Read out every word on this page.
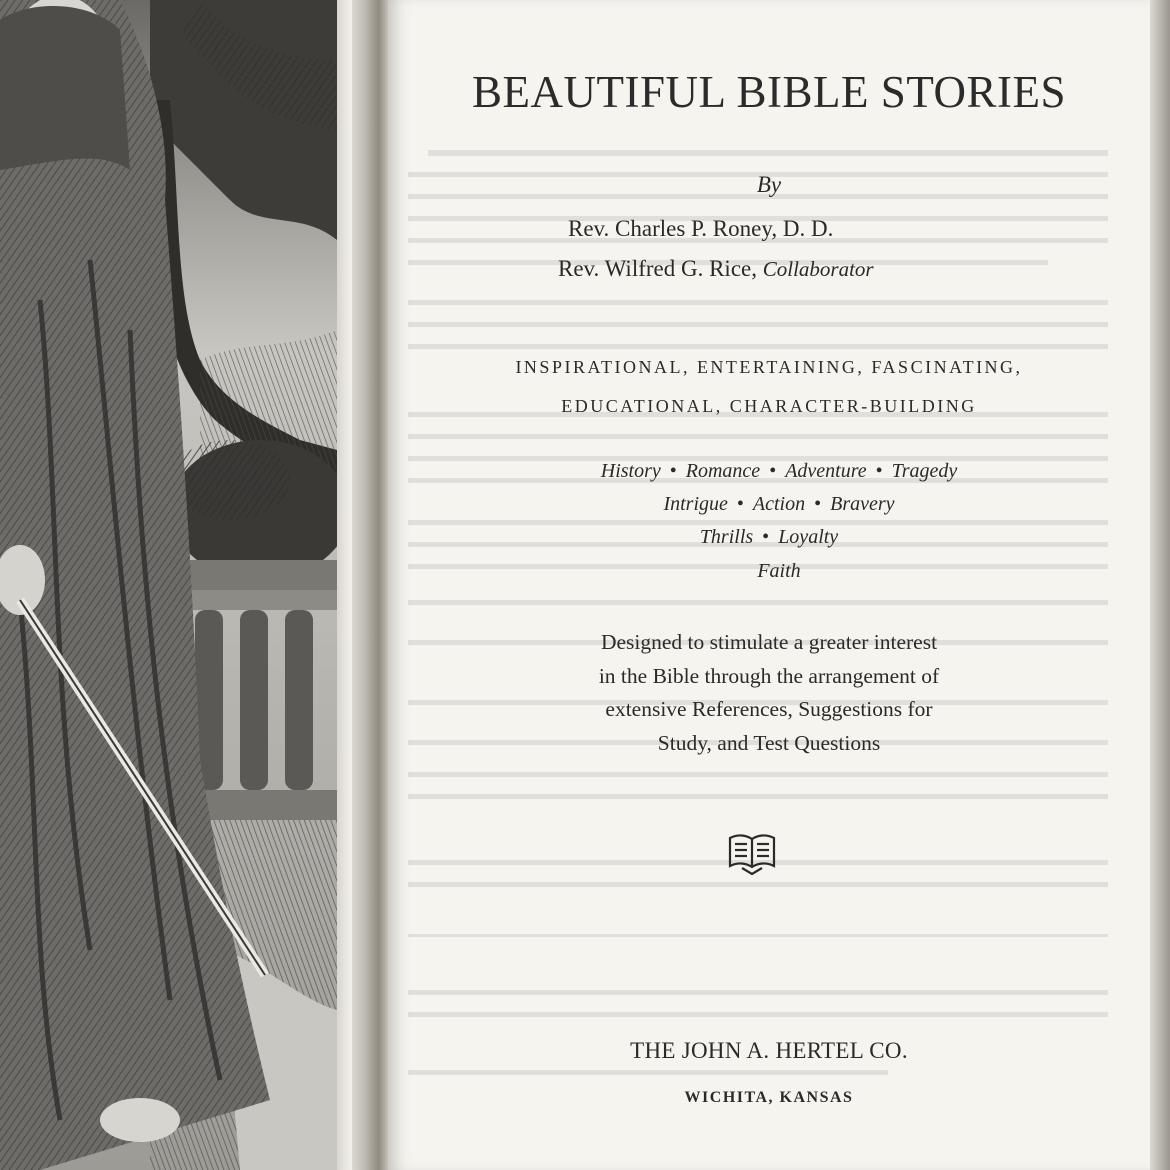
BEAUTIFUL BIBLE STORIES
By
Rev. Charles P. Roney, D. D.
Rev. Wilfred G. Rice, Collaborator
INSPIRATIONAL, ENTERTAINING, FASCINATING,
EDUCATIONAL, CHARACTER-BUILDING
History • Romance • Adventure • Tragedy
Intrigue • Action • Bravery
Thrills • Loyalty
Faith
Designed to stimulate a greater interest
in the Bible through the arrangement of
extensive References, Suggestions for
Study, and Test Questions
THE JOHN A. HERTEL CO.
WICHITA, KANSAS
